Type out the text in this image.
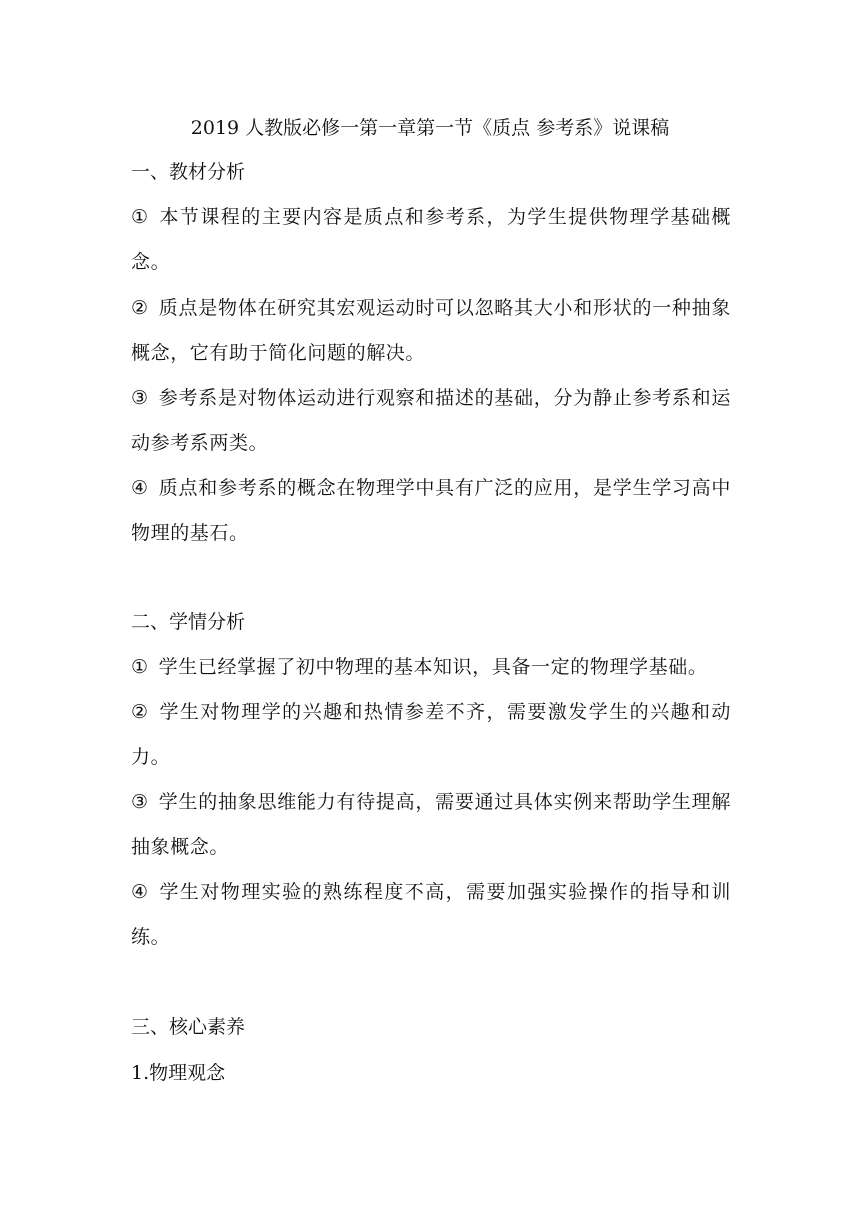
2019 人教版必修一第一章第一节《质点 参考系》说课稿
一、教材分析
① 本节课程的主要内容是质点和参考系，为学生提供物理学基础概念。
② 质点是物体在研究其宏观运动时可以忽略其大小和形状的一种抽象概念，它有助于简化问题的解决。
③ 参考系是对物体运动进行观察和描述的基础，分为静止参考系和运动参考系两类。
④ 质点和参考系的概念在物理学中具有广泛的应用，是学生学习高中物理的基石。
二、学情分析
① 学生已经掌握了初中物理的基本知识，具备一定的物理学基础。
② 学生对物理学的兴趣和热情参差不齐，需要激发学生的兴趣和动力。
③ 学生的抽象思维能力有待提高，需要通过具体实例来帮助学生理解抽象概念。
④ 学生对物理实验的熟练程度不高，需要加强实验操作的指导和训练。
三、核心素养
1.物理观念
